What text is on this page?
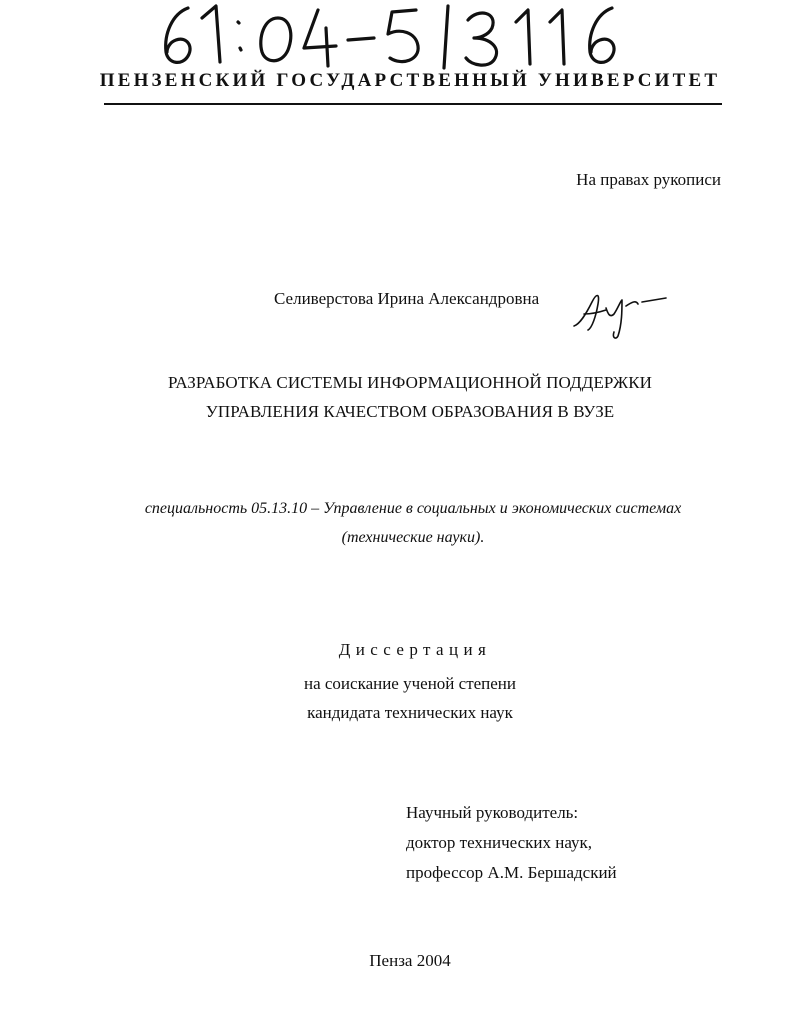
ПЕНЗЕНСКИЙ ГОСУДАРСТВЕННЫЙ УНИВЕРСИТЕТ
На правах рукописи
Селиверстова Ирина Александровна
РАЗРАБОТКА СИСТЕМЫ ИНФОРМАЦИОННОЙ ПОДДЕРЖКИ
УПРАВЛЕНИЯ КАЧЕСТВОМ ОБРАЗОВАНИЯ В ВУЗЕ
специальность 05.13.10 – Управление в социальных и экономических системах
(технические науки).
Диссертация
на соискание ученой степени
кандидата технических наук
Научный руководитель:
доктор технических наук,
профессор А.М. Бершадский
Пенза 2004
